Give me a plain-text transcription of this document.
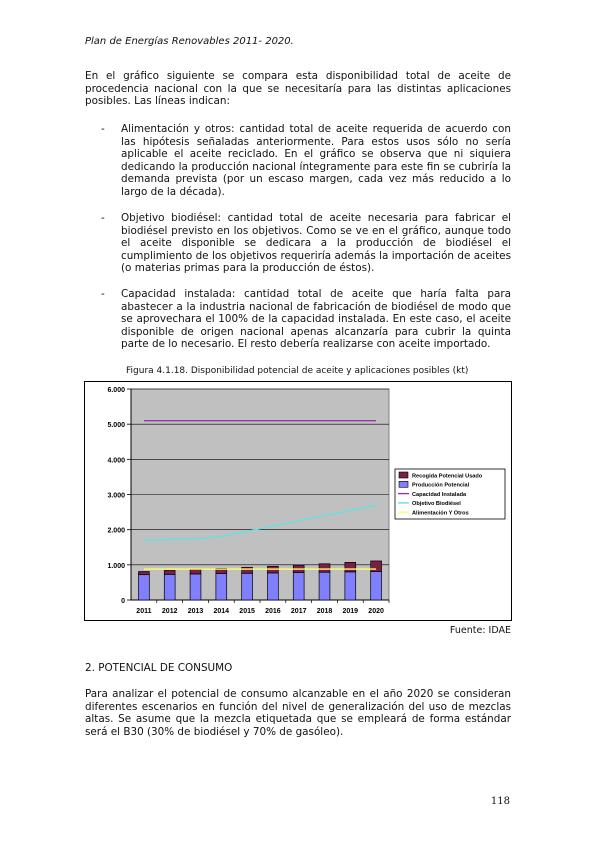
Plan de Energías Renovables 2011- 2020.

En el gráfico siguiente se compara esta disponibilidad total de aceite de procedencia nacional con la que se necesitaría para las distintas aplicaciones posibles. Las líneas indican:

- Alimentación y otros: cantidad total de aceite requerida de acuerdo con las hipótesis señaladas anteriormente. Para estos usos sólo no sería aplicable el aceite reciclado. En el gráfico se observa que ni siquiera dedicando la producción nacional íntegramente para este fin se cubriría la demanda prevista (por un escaso margen, cada vez más reducido a lo largo de la década).
- Objetivo biodiésel: cantidad total de aceite necesaria para fabricar el biodiésel previsto en los objetivos. Como se ve en el gráfico, aunque todo el aceite disponible se dedicara a la producción de biodiésel el cumplimiento de los objetivos requeriría además la importación de aceites (o materias primas para la producción de éstos).
- Capacidad instalada: cantidad total de aceite que haría falta para abastecer a la industria nacional de fabricación de biodiésel de modo que se aprovechara el 100% de la capacidad instalada. En este caso, el aceite disponible de origen nacional apenas alcanzaría para cubrir la quinta parte de lo necesario. El resto debería realizarse con aceite importado.
Figura 4.1.18. Disponibilidad potencial de aceite y aplicaciones posibles (kt)
0
1.000
2.000
3.000
4.000
5.000
6.000
2011 2012 2013 2014 2015 2016 2017 2018 2019 2020
Recogida Potencial Usado
Producción Potencial
Capacidad Instalada
Objetivo Biodiésel
Alimentación Y Otros
Fuente: IDAE
2. POTENCIAL DE CONSUMO

Para analizar el potencial de consumo alcanzable en el año 2020 se consideran diferentes escenarios en función del nivel de generalización del uso de mezclas altas. Se asume que la mezcla etiquetada que se empleará de forma estándar será el B30 (30% de biodiésel y 70% de gasóleo).

118
